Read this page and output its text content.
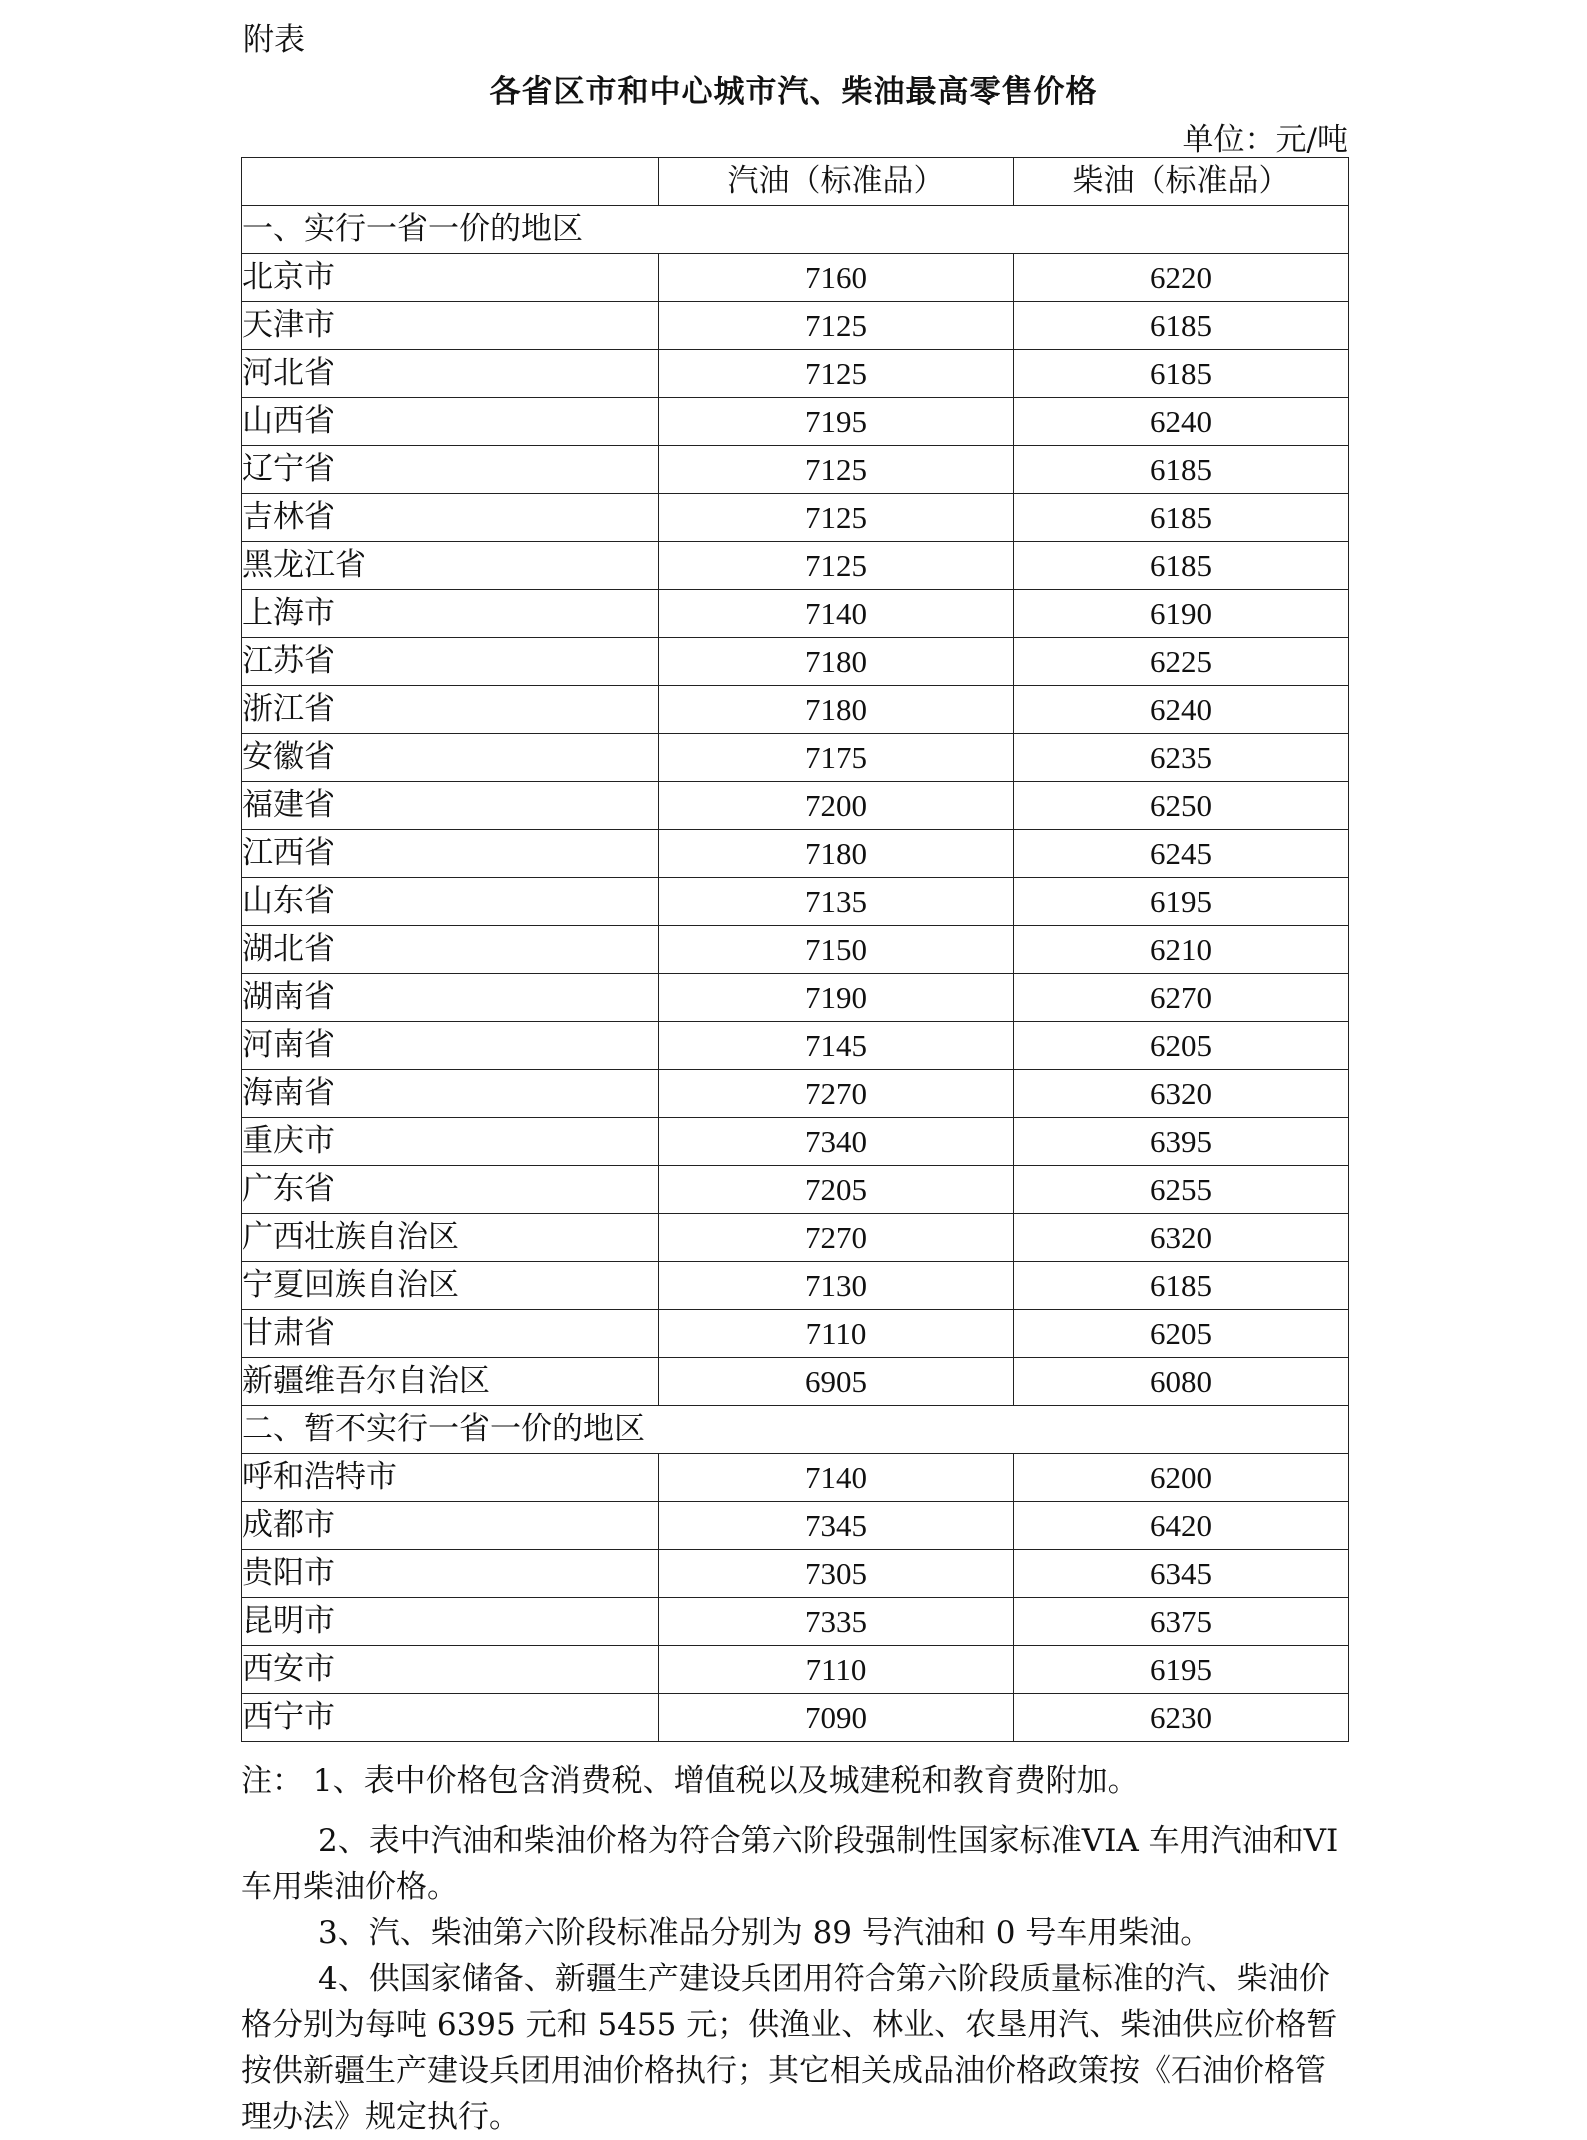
附表
各省区市和中心城市汽、柴油最高零售价格
单位：元/吨
	汽油（标准品）	柴油（标准品）
一、实行一省一价的地区		
北京市	7160	6220
天津市	7125	6185
河北省	7125	6185
山西省	7195	6240
辽宁省	7125	6185
吉林省	7125	6185
黑龙江省	7125	6185
上海市	7140	6190
江苏省	7180	6225
浙江省	7180	6240
安徽省	7175	6235
福建省	7200	6250
江西省	7180	6245
山东省	7135	6195
湖北省	7150	6210
湖南省	7190	6270
河南省	7145	6205
海南省	7270	6320
重庆市	7340	6395
广东省	7205	6255
广西壮族自治区	7270	6320
宁夏回族自治区	7130	6185
甘肃省	7110	6205
新疆维吾尔自治区	6905	6080
二、暂不实行一省一价的地区		
呼和浩特市	7140	6200
成都市	7345	6420
贵阳市	7305	6345
昆明市	7335	6375
西安市	7110	6195
西宁市	7090	6230

注： 1、表中价格包含消费税、增值税以及城建税和教育费附加。

2、表中汽油和柴油价格为符合第六阶段强制性国家标准VIA 车用汽油和VI车用柴油价格。

3、汽、柴油第六阶段标准品分别为 89 号汽油和 0 号车用柴油。

4、供国家储备、新疆生产建设兵团用符合第六阶段质量标准的汽、柴油价格分别为每吨 6395 元和 5455 元；供渔业、林业、农垦用汽、柴油供应价格暂按供新疆生产建设兵团用油价格执行；其它相关成品油价格政策按《石油价格管理办法》规定执行。
